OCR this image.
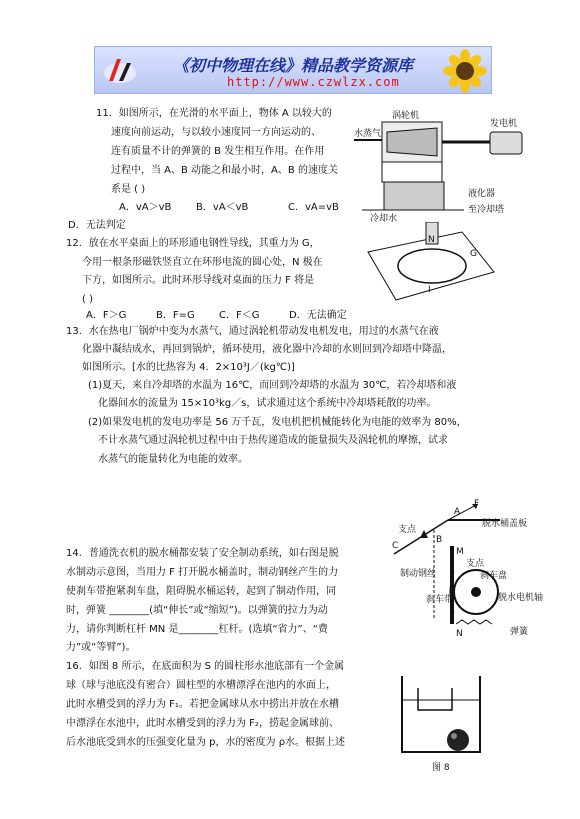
《初中物理在线》精品教学资源库
http://www.czwlzx.com
11．如图所示，在光滑的水平面上，物体 A 以较大的
速度向前运动，与以较小速度同一方向运动的、
连有质量不计的弹簧的 B 发生相互作用。在作用
过程中，当 A、B 动能之和最小时，A、B 的速度关
系是 ( )
A．vA＞vB B．vA＜vB	C．vA=vB
D．无法判定
涡轮机
发电机
水蒸气
液化器
至冷却塔
冷却水
12．放在水平桌面上的环形通电钢性导线，其重力为 G，
今用一根条形磁铁竖直立在环形电流的圆心处，N 极在
下方，如图所示。此时环形导线对桌面的压力 F 将是
( )
A．F＞G	B．F=G C．F＜G	D．无法确定
N
G
I
13．水在热电厂锅炉中变为水蒸气，通过涡轮机带动发电机发电，用过的水蒸气在液
化器中凝结成水，再回到锅炉，循环使用，液化器中冷却的水则回到冷却塔中降温，
如图所示。[水的比热容为 4．2×10³J／(kg℃)]
(1)夏天，来自冷却塔的水温为 16℃，而回到冷却塔的水温为 30℃，若冷却塔和液
化器间水的流量为 15×10³kg／s，试求通过这个系统中冷却塔耗散的功率。
(2)如果发电机的发电功率是 56 万千瓦，发电机把机械能转化为电能的效率为 80%，
不计水蒸气通过涡轮机过程中由于热传递造成的能量损失及涡轮机的摩擦，试求
水蒸气的能量转化为电能的效率。
F
A
支点
B
C
脱水桶盖板
M
支点
制动钢丝
刹车带
刹车盘
脱水电机轴
N	弹簧
14．普通洗衣机的脱水桶都安装了安全制动系统，如右图是脱
水制动示意图，当用力 F 打开脱水桶盖时，制动钢丝产生的力
使刹车带抱紧刹车盘，阻碍脱水桶运转，起到了制动作用，同
时，弹簧 ________(填“伸长”或“缩短”)。以弹簧的拉力为动
力，请你判断杠杆 MN 是________杠杆。(选填“省力”、“费
力”或“等臂”)。
16．如图 8 所示，在底面积为 S 的圆柱形水池底部有一个金属
球（球与池底没有密合）圆柱型的水槽漂浮在池内的水面上，
此时水槽受到的浮力为 F₁。若把金属球从水中捞出并放在水槽
中漂浮在水池中，此时水槽受到的浮力为 F₂，捞起金属球前、
后水池底受到水的压强变化量为 p，水的密度为 ρ水。根据上述
图 8
